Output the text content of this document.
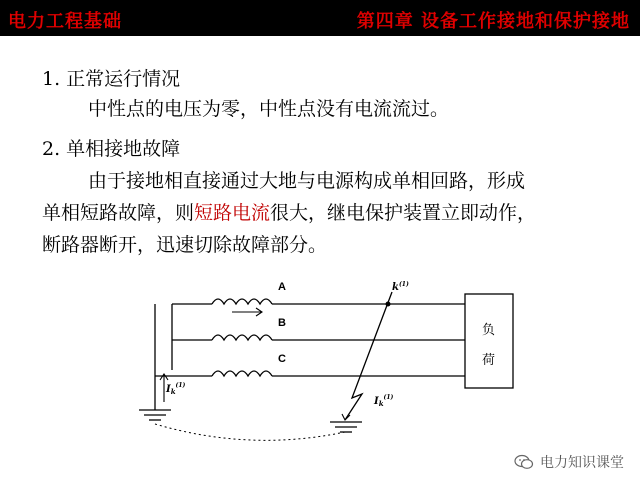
电力工程基础	第四章 设备工作接地和保护接地
1. 正常运行情况
中性点的电压为零，中性点没有电流流过。
2. 单相接地故障
由于接地相直接通过大地与电源构成单相回路，形成
单相短路故障，则短路电流很大，继电保护装置立即动作，
断路器断开，迅速切除故障部分。
A
B
C
负
荷
$I_k^{(1)}$
$k^{(1)}$
$I_k^{(1)}$
电力知识课堂
